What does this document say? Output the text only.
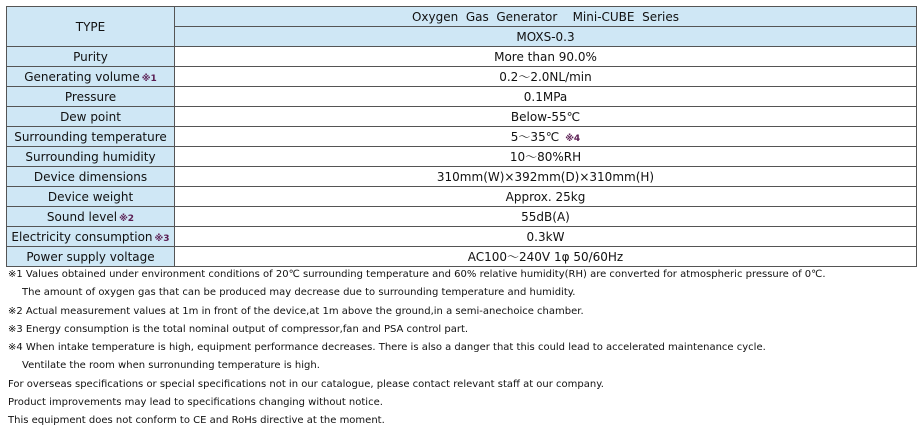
TYPE	Oxygen  Gas  Generator    Mini-CUBE  Series
	MOXS-0.3
Purity	More than 90.0%
Generating volume ※1	0.2～2.0NL/min
Pressure	0.1MPa
Dew point	Below-55℃
Surrounding temperature	5～35℃ ※4
Surrounding humidity	10～80%RH
Device dimensions	310mm(W)×392mm(D)×310mm(H)
Device weight	Approx. 25kg
Sound level ※2	55dB(A)
Electricity consumption ※3	0.3kW
Power supply voltage	AC100～240V 1φ 50/60Hz
※1 Values obtained under environment conditions of 20℃ surrounding temperature and 60% relative humidity(RH) are converted for atmospheric pressure of 0℃.
The amount of oxygen gas that can be produced may decrease due to surrounding temperature and humidity.
※2 Actual measurement values at 1m in front of the device,at 1m above the ground,in a semi-anechoice chamber.
※3 Energy consumption is the total nominal output of compressor,fan and PSA control part.
※4 When intake temperature is high, equipment performance decreases. There is also a danger that this could lead to accelerated maintenance cycle.
Ventilate the room when surronunding temperature is high.
For overseas specifications or special specifications not in our catalogue, please contact relevant staff at our company.
Product improvements may lead to specifications changing without notice.
This equipment does not conform to CE and RoHs directive at the moment.
